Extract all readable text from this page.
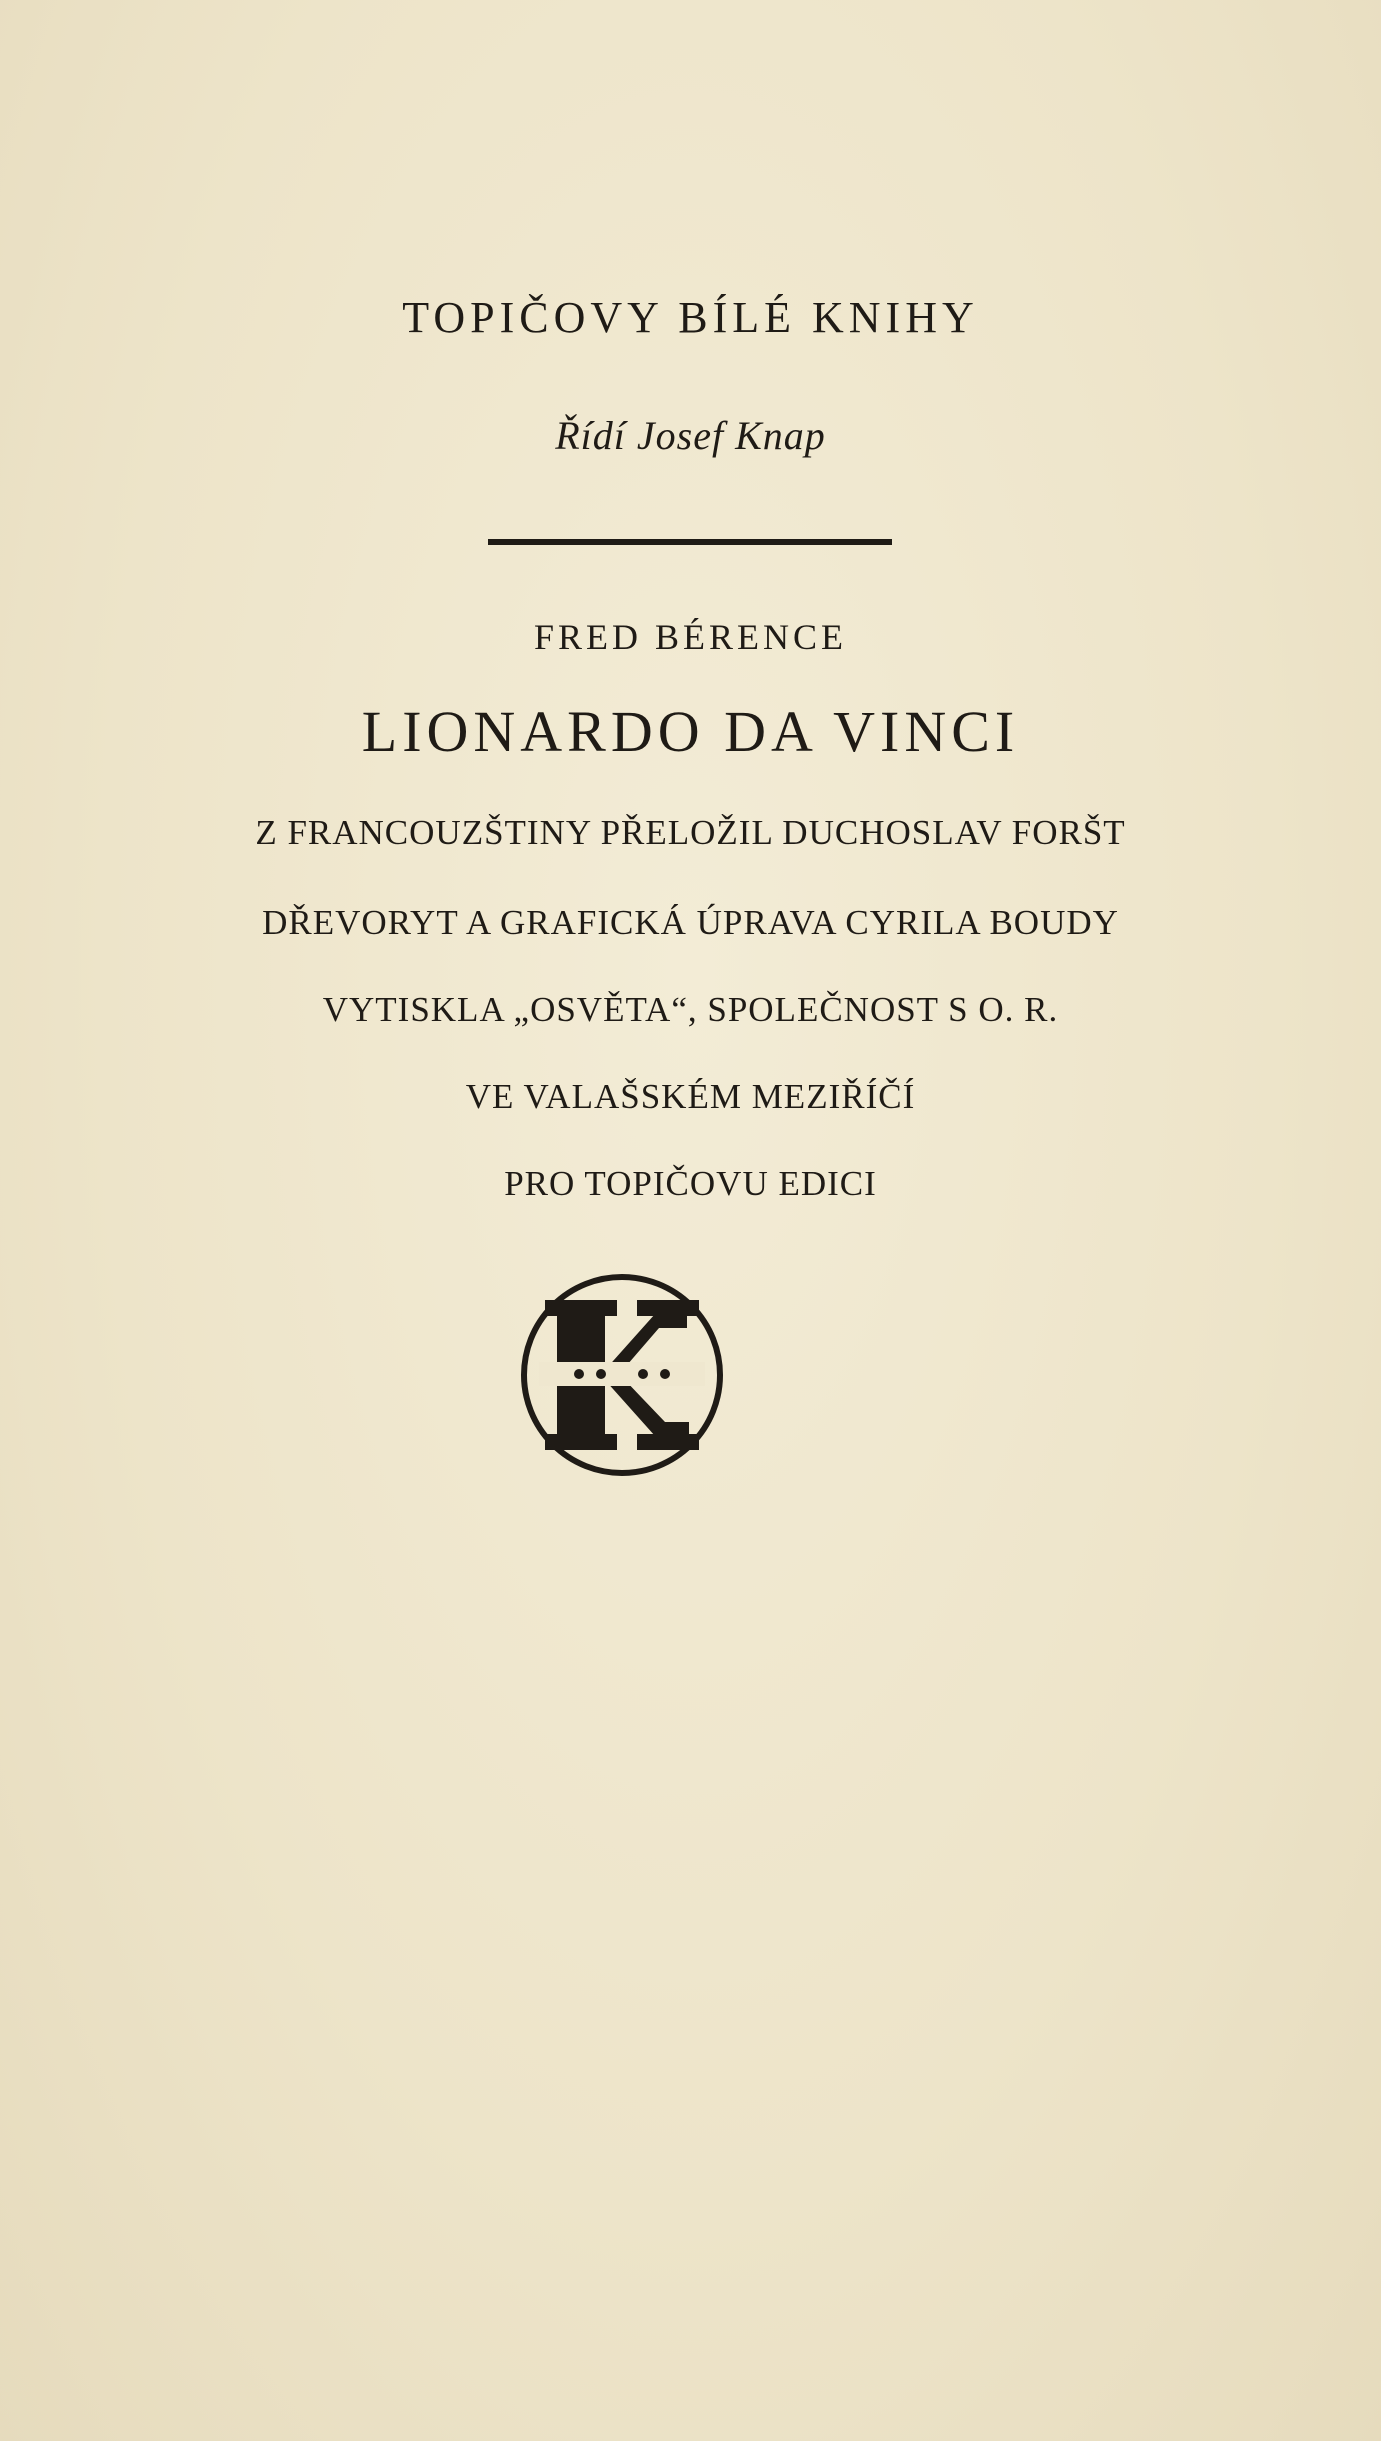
TOPIČOVY BÍLÉ KNIHY
Řídí Josef Knap
FRED BÉRENCE
LIONARDO DA VINCI
Z FRANCOUZŠTINY PŘELOŽIL DUCHOSLAV FORŠT
DŘEVORYT A GRAFICKÁ ÚPRAVA CYRILA BOUDY
VYTISKLA „OSVĚTA“, SPOLEČNOST S O. R.
VE VALAŠSKÉM MEZIŘÍČÍ
PRO TOPIČOVU EDICI
